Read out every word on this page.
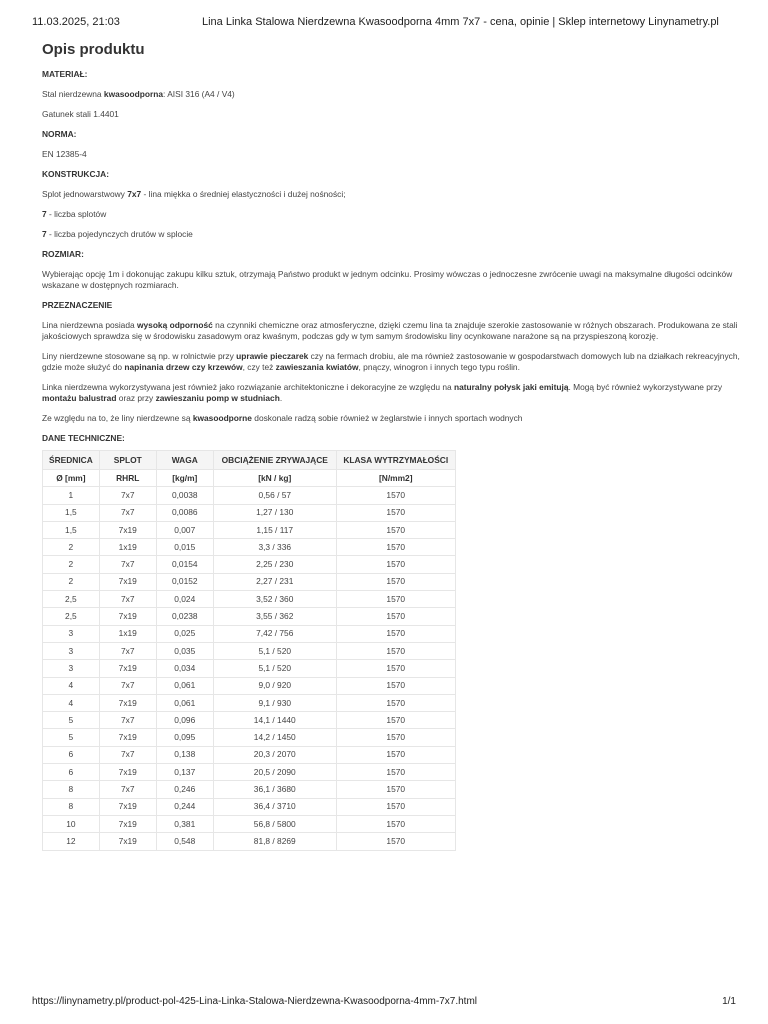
11.03.2025, 21:03	Lina Linka Stalowa Nierdzewna Kwasoodporna 4mm 7x7 - cena, opinie | Sklep internetowy Linynametry.pl
Opis produktu
MATERIAŁ:

Stal nierdzewna kwasoodporna: AISI 316 (A4 / V4)

Gatunek stali 1.4401

NORMA:

EN 12385-4

KONSTRUKCJA:

Splot jednowarstwowy 7x7 - lina miękka o średniej elastyczności i dużej nośności;

7 - liczba splotów

7 - liczba pojedynczych drutów w splocie

ROZMIAR:

Wybierając opcję 1m i dokonując zakupu kilku sztuk, otrzymają Państwo produkt w jednym odcinku. Prosimy wówczas o jednoczesne zwrócenie uwagi na maksymalne długości odcinków wskazane w dostępnych rozmiarach.

PRZEZNACZENIE

Lina nierdzewna posiada wysoką odporność na czynniki chemiczne oraz atmosferyczne, dzięki czemu lina ta znajduje szerokie zastosowanie w różnych obszarach. Produkowana ze stali jakościowych sprawdza się w środowisku zasadowym oraz kwaśnym, podczas gdy w tym samym środowisku liny ocynkowane narażone są na przyspieszoną korozję.

Liny nierdzewne stosowane są np. w rolnictwie przy uprawie pieczarek czy na fermach drobiu, ale ma również zastosowanie w gospodarstwach domowych lub na działkach rekreacyjnych, gdzie może służyć do napinania drzew czy krzewów, czy też zawieszania kwiatów, pnączy, winogron i innych tego typu roślin.

Linka nierdzewna wykorzystywana jest również jako rozwiązanie architektoniczne i dekoracyjne ze względu na naturalny połysk jaki emitują. Mogą być również wykorzystywane przy montażu balustrad oraz przy zawieszaniu pomp w studniach.

Ze względu na to, że liny nierdzewne są kwasoodporne doskonale radzą sobie również w żeglarstwie i innych sportach wodnych

DANE TECHNICZNE:
ŚREDNICA	SPLOT	WAGA	OBCIĄŻENIE ZRYWAJĄCE	KLASA WYTRZYMAŁOŚCI
Ø [mm]	RHRL	[kg/m]	[kN / kg]	[N/mm2]
1	7x7	0,0038	0,56 / 57	1570
1,5	7x7	0,0086	1,27 / 130	1570
1,5	7x19	0,007	1,15 / 117	1570
2	1x19	0,015	3,3 / 336	1570
2	7x7	0,0154	2,25 / 230	1570
2	7x19	0,0152	2,27 / 231	1570
2,5	7x7	0,024	3,52 / 360	1570
2,5	7x19	0,0238	3,55 / 362	1570
3	1x19	0,025	7,42 / 756	1570
3	7x7	0,035	5,1 / 520	1570
3	7x19	0,034	5,1 / 520	1570
4	7x7	0,061	9,0 / 920	1570
4	7x19	0,061	9,1 / 930	1570
5	7x7	0,096	14,1 / 1440	1570
5	7x19	0,095	14,2 / 1450	1570
6	7x7	0,138	20,3 / 2070	1570
6	7x19	0,137	20,5 / 2090	1570
8	7x7	0,246	36,1 / 3680	1570
8	7x19	0,244	36,4 / 3710	1570
10	7x19	0,381	56,8 / 5800	1570
12	7x19	0,548	81,8 / 8269	1570
https://linynametry.pl/product-pol-425-Lina-Linka-Stalowa-Nierdzewna-Kwasoodporna-4mm-7x7.html	1/1
